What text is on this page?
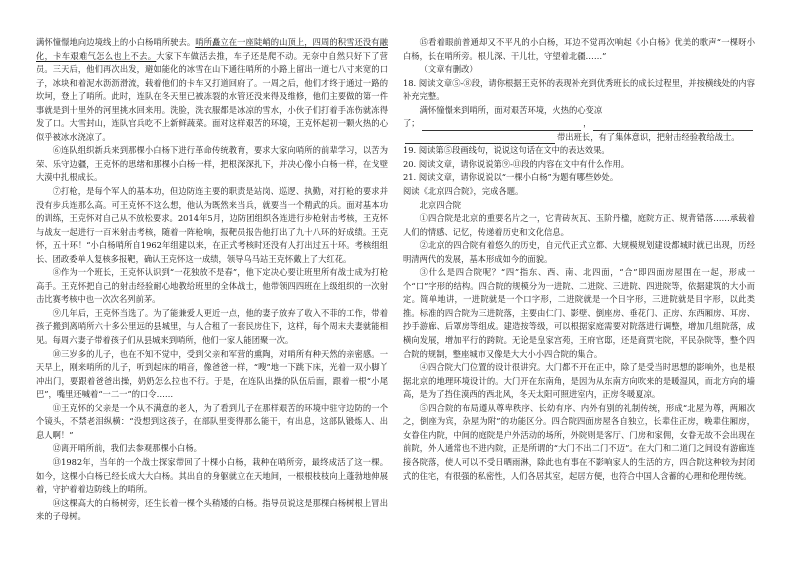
满怀憧憬地向边境线上的小白杨哨所驶去。哨所矗立在一座陡峭的山顶上，四周的积雪还没有融化，卡车艰难气怎么也上不去。大家下车做活去推，车子还是爬不动。无奈中自然只好下了营员。三天后，他们再次出发，避如能化的冰雪在山下通往哨所的小路上留出一道七八寸来宽的口子，冰块和着泥水沥沥滑流，载着他们的卡车又打道回府了。一周之后，他们才终于通过一路的坎坷，登上了哨所。此时，连队在冬天里已被冻裂的水管还没来得及维修，他们主要做的第一件事就是到十里外的河里挑水回来用。洗脸，洗衣服都是冰凉的雪水，小伙子们打着手冻伤就冻得发了口。大雪封山，连队官兵吃不上新鲜蔬菜。面对这样艰苦的环境，王克怀起初一颗火热的心似乎被冰水浇凉了。

⑥连队组织新兵来到那棵小白杨下进行革命传统教育，要求大家向哨所的前辈学习，以苦为荣、乐守边疆，王克怀的思绪和那棵小白杨一样，把根深深扎下，并决心像小白杨一样，在戈壁大漠中扎根成长。

⑦打枪，是每个军人的基本功，但边防连主要的职责是站岗、巡逻、执勤，对打枪的要求并没有步兵连那么高。可王克怀不这么想，他认为既然来当兵，就要当一个精武的兵。面对基本功的训练，王克怀对自己从不放松要求。2014年5月，边防团组织各连进行步枪射击考核，王克怀与战友一起进行一百米射击考核，随着一阵枪响，报靶员报告他打出了九十八环的好成绩。王克怀，五十环！“小白杨哨所自1962年组建以来，在正式考核时还没有人打出过五十环。考核组组长、团政委单人复核多报靶，确认王克怀这一成绩，领导乌马站王克怀戴上了大红花。

⑧作为一个班长，王克怀认识到“一花独放不是春”，他下定决心要让班里所有战士成为打枪高手。王克怀把自己的射击经验耐心地教给班里的全体战士，他带领四四班在上级组织的一次射击比赛考核中也一次次名列前茅。

⑨几年后，王克怀当选了。为了能兼爱人更近一点，他的妻子放弃了收入不菲的工作，带着孩子搬到离哨所六十多公里远的县城里，与人合租了一套民房住下，这样，每个周末夫妻就能相见。每周六妻子带着孩子们从县城来到哨所，他们一家人能团聚一次。

⑩三岁多的儿子，也在不知不觉中，受到父亲和军营的熏陶，对哨所有种天然的亲密感。一天早上，刚来哨所的儿子，听到起床的哨音，像爸爸一样，“嗖”地一下跳下床，光着一双小脚丫冲出门，要跟着爸爸出操，奶奶怎么拉也不行。于是，在连队出操的队伍后面，跟着一根“小尾巴”，嘴里还喊着“一二一”的口令……

⑪王克怀的父亲是一个从不满意的老人，为了看到儿子在那样艰苦的环境中驻守边防的一个个镜头，不禁老泪纵横：“没想到这孩子，在部队里变得那么能干，有出息，这部队锻炼人、出息人啊！”

⑫离开哨所前，我们去参观那棵小白杨。

⑬1982年，当年的一个战士探家带回了十棵小白杨，栽种在哨所旁，最终成活了这一棵。如今，这棵小白杨已经长成大大白杨。其出自的身躯就立在天地间，一根根枝枝向上蓬勃地伸展着，守护着着边防线上的哨所。

⑭这棵高大的白杨树旁，还生长着一棵个头稍矮的白杨。指导员说这是那棵白杨树根上冒出来的子母树。

⑮看着眼前普通却又不平凡的小白杨，耳边不觉再次响起《小白杨》优美的歌声“一棵呀小白杨，长在哨所旁。根儿深、干儿壮，守望着北疆……”

（文章有删改）

18. 阅读文章⑤-⑧段，请你根据王克怀的表现补充到优秀班长的成长过程里，并按横线处的内容补充完整。

满怀憧憬来到哨所，面对艰苦环境，火热的心变凉

了；	，
带出班长，有了集体意识，把射击经验教给战士。

19. 阅读第⑤段画线句，说说这句话在文中的表达效果。

20. 阅读文章，请你说说第⑨-⑪段的内容在文中有什么作用。

21. 阅读文章，请你说说以“一棵小白杨”为题有哪些妙处。

阅读《北京四合院》，完成各题。

北京四合院

①四合院是北京的重要名片之一，它青砖灰瓦、玉阶丹楹，庭院方正、规背错落……承载着人们的情感、记忆，传递着历史和文化信息。

②北京的四合院有着悠久的历史，自元代正式立都、大规模规划建设都城时就已出现，历经明清两代的发展，基本形成如今的面貌。

③什么是四合院呢？“四”指东、西、南、北四面，“合”即四面房屋围在一起，形成一个“口”字形的结构。四合院的规模分为一进院、二进院、三进院、四进院等，依据建筑的大小而定。简单地讲，一进院就是一个口字形，二进院就是一个日字形，三进院就是目字形，以此类推。标准的四合院为三进院落，主要由仁门、影壁、倒座房、垂花门、正房、东西厢房、耳房、抄手游廊、后罩房等组成。建造按等级，可以根据家庭需要对院落进行调整，增加几组院落，成横向发展，增加平行的跨院。无论是皇家宫苑，王府官邸，还是商贾宅院，平民杂院等，整个四合院的规制，整座城市又像是大大小小四合院的集合。

④四合院大门位置的设计很讲究。大门都不开在正中，除了是受当时思想的影响外，也是根据北京的地理环境设计的。大门开在东南角，是因为从东南方向吹来的是暖湿风，而北方向的墙高，是为了挡住漠西的西北风，冬天太阳可照进室内，正房冬暖夏凉。

⑤四合院的布局遵从尊卑秩序、长幼有序、内外有别的礼制传统，形成“北屋为尊，两厢次之，倒座为宾，杂屋为附”的功能区分。四合院四面房屋各自独立，长辈住正房，晚辈住厢房，女眷住内院，中间的庭院是户外活动的场所，外院则是客厅、门房和家佣，女眷无故不会出现在前院，外人通常也不进内院，正是所谓的“大门不出二门不迈”。在大门和二道门之间设有游廊连接各院落，使人可以不受日晒雨淋，除此也有事在不影响家人的生活的方，四合院这种较为封闭式的住宅，有很强的私密性，人们各居其室，起居方便，也符合中国人含蓄的心理和伦理传统。
